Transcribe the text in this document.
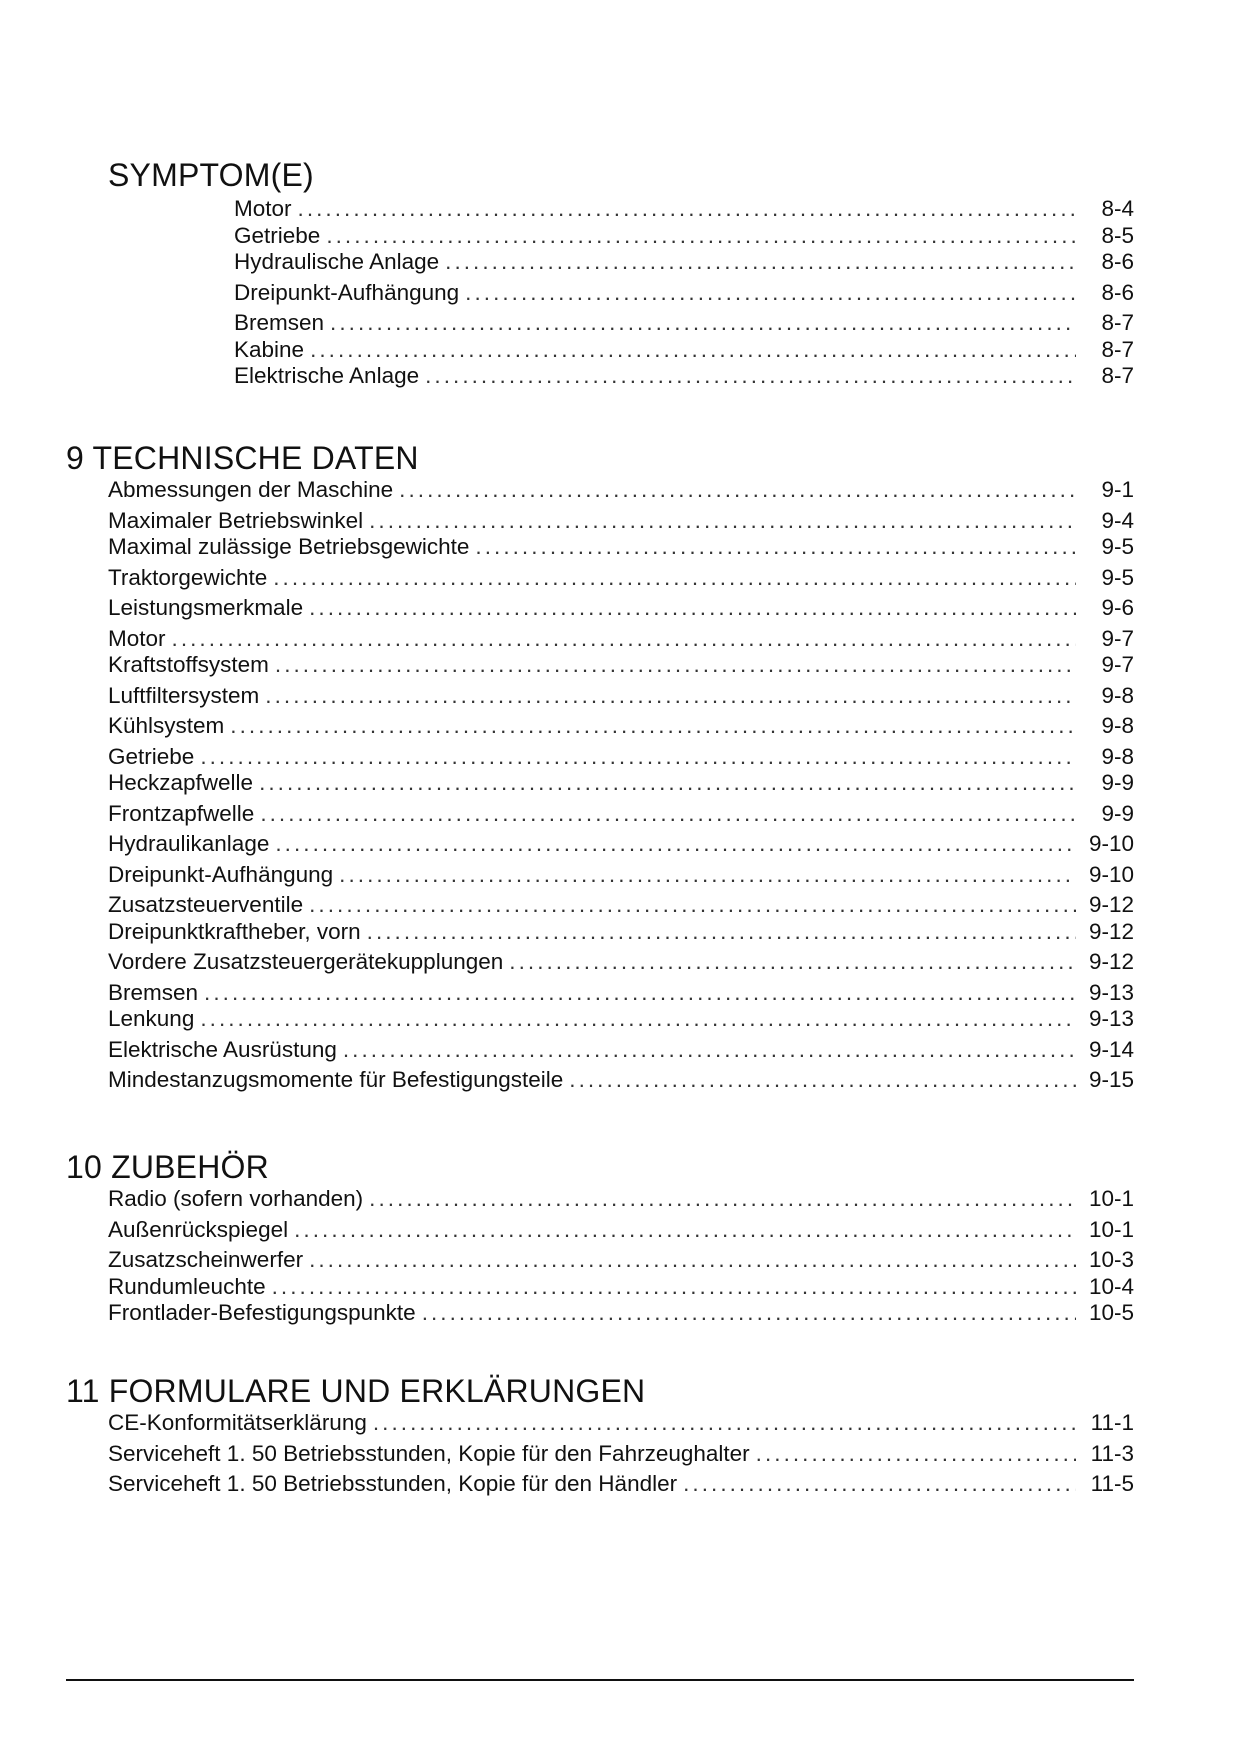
SYMPTOM(E)
Motor . . .	8-4
Getriebe . . .	8-5
Hydraulische Anlage . . .	8-6
Dreipunkt-Aufhängung . . .	8-6
Bremsen . . .	8-7
Kabine . . .	8-7
Elektrische Anlage . . .	8-7
9 TECHNISCHE DATEN
Abmessungen der Maschine . . .	9-1
Maximaler Betriebswinkel . . .	9-4
Maximal zulässige Betriebsgewichte . . .	9-5
Traktorgewichte . . .	9-5
Leistungsmerkmale . . .	9-6
Motor . . .	9-7
Kraftstoffsystem . . .	9-7
Luftfiltersystem . . .	9-8
Kühlsystem . . .	9-8
Getriebe . . .	9-8
Heckzapfwelle . . .	9-9
Frontzapfwelle . . .	9-9
Hydraulikanlage . . .	9-10
Dreipunkt-Aufhängung . . .	9-10
Zusatzsteuerventile . . .	9-12
Dreipunktkraftheber, vorn . . .	9-12
Vordere Zusatzsteuergerätekupplungen . . .	9-12
Bremsen . . .	9-13
Lenkung . . .	9-13
Elektrische Ausrüstung . . .	9-14
Mindestanzugsmomente für Befestigungsteile . . .	9-15
10 ZUBEHÖR
Radio (sofern vorhanden) . . .	10-1
Außenrückspiegel . . .	10-1
Zusatzscheinwerfer . . .	10-3
Rundumleuchte . . .	10-4
Frontlader-Befestigungspunkte . . .	10-5
11 FORMULARE UND ERKLÄRUNGEN
CE-Konformitätserklärung . . .	11-1
Serviceheft 1. 50 Betriebsstunden, Kopie für den Fahrzeughalter . . .	11-3
Serviceheft 1. 50 Betriebsstunden, Kopie für den Händler . . .	11-5
